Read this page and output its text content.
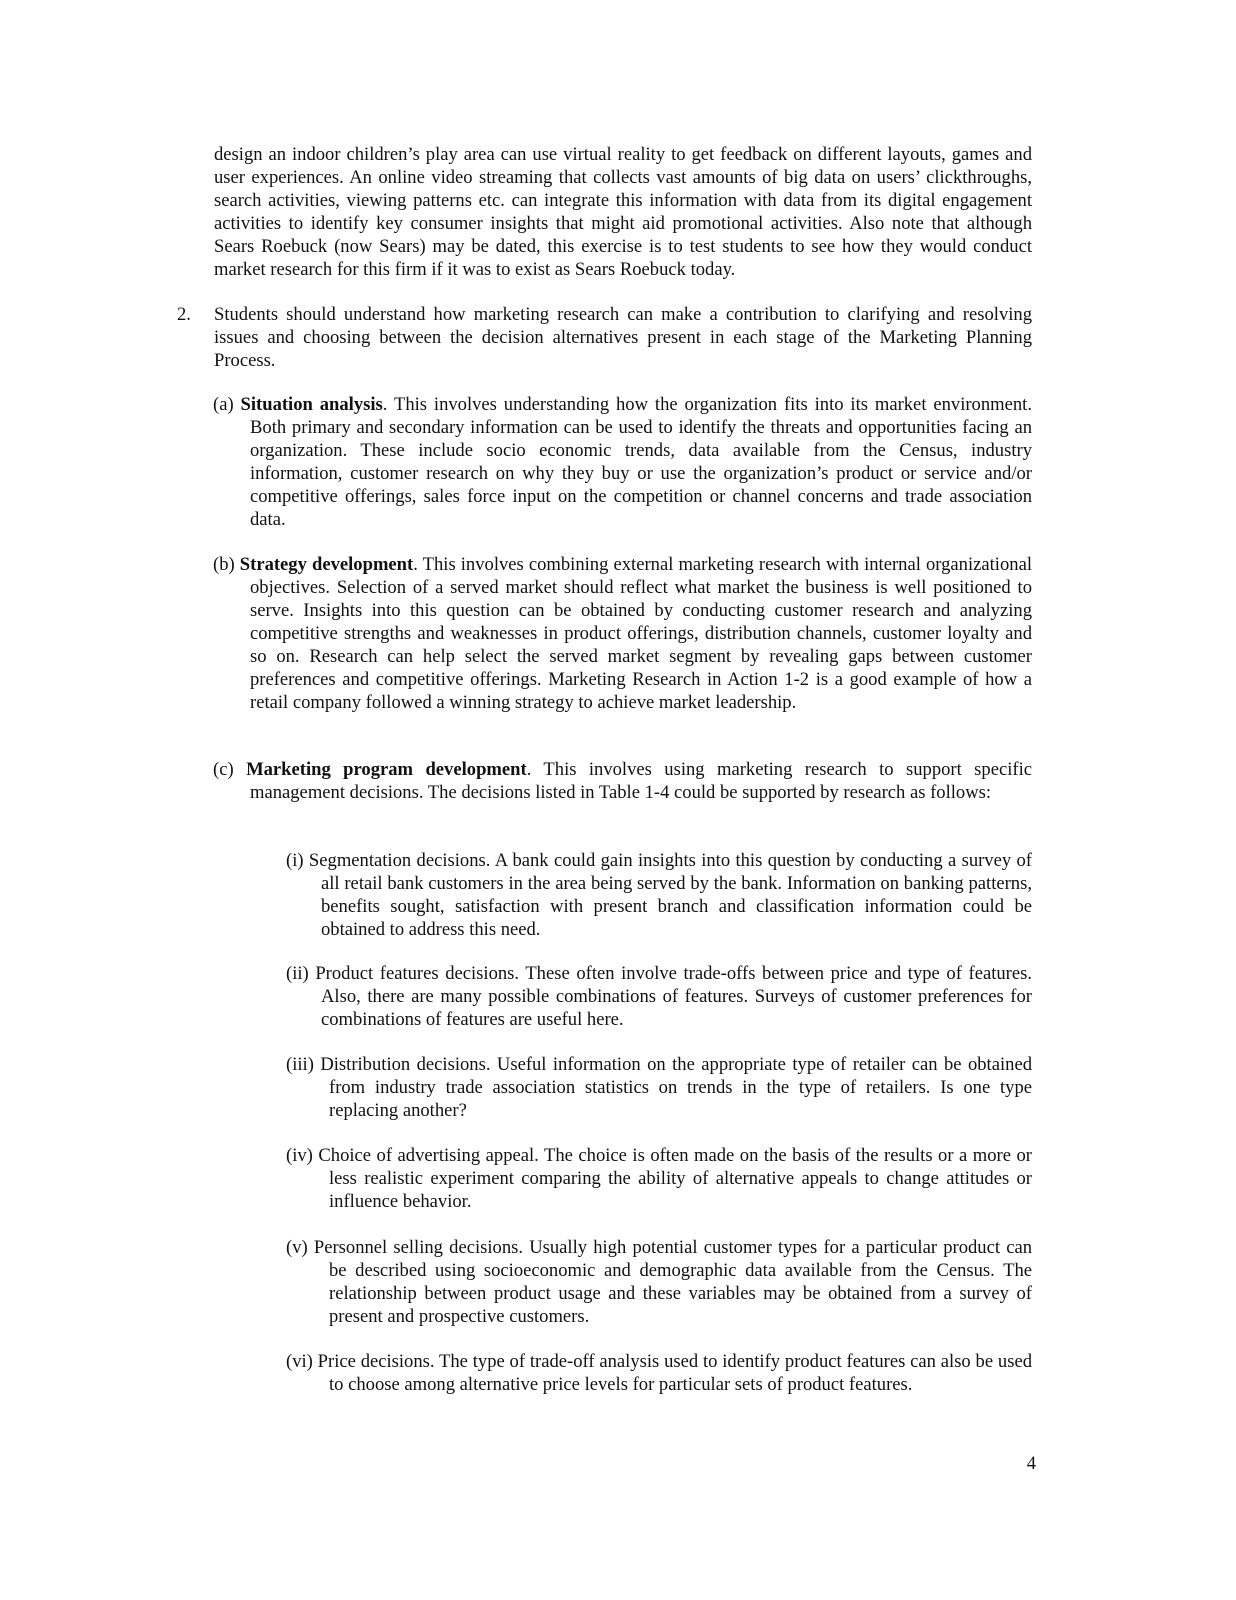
design an indoor children’s play area can use virtual reality to get feedback on different layouts, games and user experiences. An online video streaming that collects vast amounts of big data on users’ clickthroughs, search activities, viewing patterns etc. can integrate this information with data from its digital engagement activities to identify key consumer insights that might aid promotional activities. Also note that although Sears Roebuck (now Sears) may be dated, this exercise is to test students to see how they would conduct market research for this firm if it was to exist as Sears Roebuck today.

2. Students should understand how marketing research can make a contribution to clarifying and resolving issues and choosing between the decision alternatives present in each stage of the Marketing Planning Process.

(a) Situation analysis. This involves understanding how the organization fits into its market environment. Both primary and secondary information can be used to identify the threats and opportunities facing an organization. These include socio economic trends, data available from the Census, industry information, customer research on why they buy or use the organization’s product or service and/or competitive offerings, sales force input on the competition or channel concerns and trade association data.
(b) Strategy development. This involves combining external marketing research with internal organizational objectives. Selection of a served market should reflect what market the business is well positioned to serve. Insights into this question can be obtained by conducting customer research and analyzing competitive strengths and weaknesses in product offerings, distribution channels, customer loyalty and so on. Research can help select the served market segment by revealing gaps between customer preferences and competitive offerings. Marketing Research in Action 1-2 is a good example of how a retail company followed a winning strategy to achieve market leadership.
(c) Marketing program development. This involves using marketing research to support specific management decisions. The decisions listed in Table 1-4 could be supported by research as follows:
(i) Segmentation decisions. A bank could gain insights into this question by conducting a survey of all retail bank customers in the area being served by the bank. Information on banking patterns, benefits sought, satisfaction with present branch and classification information could be obtained to address this need.
(ii) Product features decisions. These often involve trade-offs between price and type of features. Also, there are many possible combinations of features. Surveys of customer preferences for combinations of features are useful here.
(iii) Distribution decisions. Useful information on the appropriate type of retailer can be obtained from industry trade association statistics on trends in the type of retailers. Is one type replacing another?
(iv) Choice of advertising appeal. The choice is often made on the basis of the results or a more or less realistic experiment comparing the ability of alternative appeals to change attitudes or influence behavior.
(v) Personnel selling decisions. Usually high potential customer types for a particular product can be described using socioeconomic and demographic data available from the Census. The relationship between product usage and these variables may be obtained from a survey of present and prospective customers.
(vi) Price decisions. The type of trade-off analysis used to identify product features can also be used to choose among alternative price levels for particular sets of product features.
4
